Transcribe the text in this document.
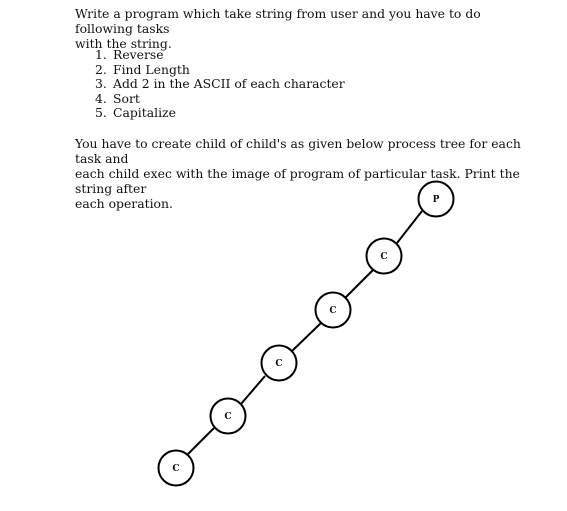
Write a program which take string from user and you have to do following tasks
with the string.

1. Reverse
2. Find Length
3. Add 2 in the ASCII of each character
4. Sort
5. Capitalize

You have to create child of child's as given below process tree for each task and
each child exec with the image of program of particular task. Print the string after
each operation.	P
C
C
C
C
C
